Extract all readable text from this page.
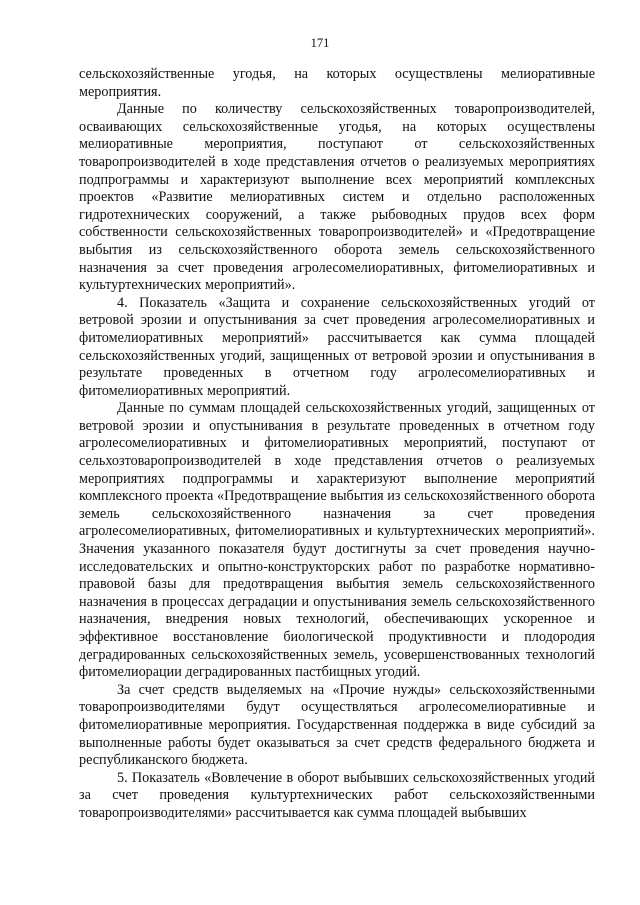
171

сельскохозяйственные угодья, на которых осуществлены мелиоративные мероприятия.

Данные по количеству сельскохозяйственных товаропроизводителей, осваивающих сельскохозяйственные угодья, на которых осуществлены мелиоративные мероприятия, поступают от сельскохозяйственных товаропроизводителей в ходе представления отчетов о реализуемых мероприятиях подпрограммы и характеризуют выполнение всех мероприятий комплексных проектов «Развитие мелиоративных систем и отдельно расположенных гидротехнических сооружений, а также рыбоводных прудов всех форм собственности сельскохозяйственных товаропроизводителей» и «Предотвращение выбытия из сельскохозяйственного оборота земель сельскохозяйственного назначения за счет проведения агролесомелиоративных, фитомелиоративных и культуртехнических мероприятий».

4. Показатель «Защита и сохранение сельскохозяйственных угодий от ветровой эрозии и опустынивания за счет проведения агролесомелиоративных и фитомелиоративных мероприятий» рассчитывается как сумма площадей сельскохозяйственных угодий, защищенных от ветровой эрозии и опустынивания в результате проведенных в отчетном году агролесомелиоративных и фитомелиоративных мероприятий.

Данные по суммам площадей сельскохозяйственных угодий, защищенных от ветровой эрозии и опустынивания в результате проведенных в отчетном году агролесомелиоративных и фитомелиоративных мероприятий, поступают от сельхозтоваропроизводителей в ходе представления отчетов о реализуемых мероприятиях подпрограммы и характеризуют выполнение мероприятий комплексного проекта «Предотвращение выбытия из сельскохозяйственного оборота земель сельскохозяйственного назначения за счет проведения агролесомелиоративных, фитомелиоративных и культуртехнических мероприятий». Значения указанного показателя будут достигнуты за счет проведения научно-исследовательских и опытно-конструкторских работ по разработке нормативно-правовой базы для предотвращения выбытия земель сельскохозяйственного назначения в процессах деградации и опустынивания земель сельскохозяйственного назначения, внедрения новых технологий, обеспечивающих ускоренное и эффективное восстановление биологической продуктивности и плодородия деградированных сельскохозяйственных земель, усовершенствованных технологий фитомелиорации деградированных пастбищных угодий.

За счет средств выделяемых на «Прочие нужды» сельскохозяйственными товаропроизводителями будут осуществляться агролесомелиоративные и фитомелиоративные мероприятия. Государственная поддержка в виде субсидий за выполненные работы будет оказываться за счет средств федерального бюджета и республиканского бюджета.

5. Показатель «Вовлечение в оборот выбывших сельскохозяйственных угодий за счет проведения культуртехнических работ сельскохозяйственными товаропроизводителями» рассчитывается как сумма площадей выбывших
